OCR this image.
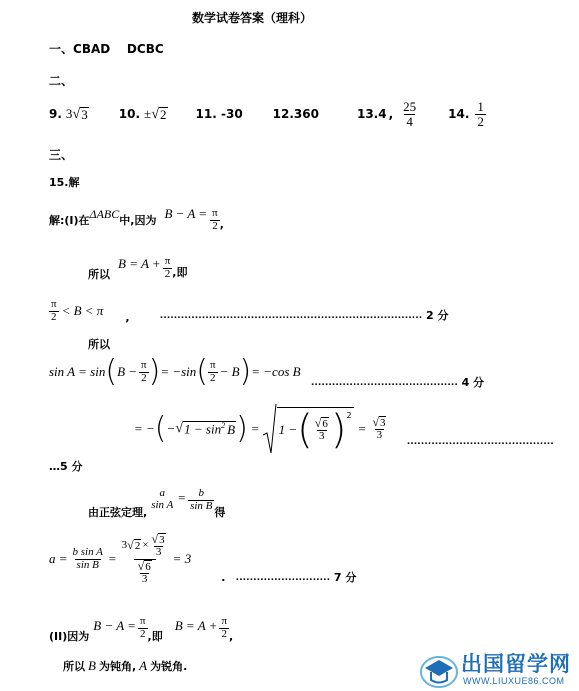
数学试卷答案（理科）
一、CBAD    DCBC
二、
9. 3 √ 3	10. ± √ 2 11. -30	12.360	13.4 , $\frac{25}{4}$	14. $\frac{1}{2}$
三、
15.解
解:(I)在 ΔABC 中,因为 $B - A = \frac{\pi}{2}$ ,
所以
$B = A + \frac{\pi}{2}$ ,即
$\frac{\pi}{2} < B < \pi$ ,	………………………………………………………………… 2 分
所以
sin A = sin ( $B - \frac{\pi}{2}$ ) = −sin ( $\frac{\pi}{2} - B$ ) = −cos B
…………………………………… 4 分
= − ( − √ $1 - \sin^2 B$ ) = 1 − ( $\frac{√ 6}{3} )^2$
= $\frac{√ 3}{3}$ ……………………………………
…5 分
由正弦定理,
a
$\sin A = \frac{b}{\text{sin B}}$
得
$a = \frac{\text{b sin A}}{\text{sin B}} = \frac{3 √ 2 \times \frac{√ 3}{3}}{\frac{√ 6}{3}} = 3$
. ……………………… 7 分
(II)因为
$B - A = \frac{\pi}{2}$ ,即
$B = A + \frac{\pi}{2}$ ,
所以 B 为钝角, A 为锐角.	出国留学网
WWW.LIUXUE86.COM
